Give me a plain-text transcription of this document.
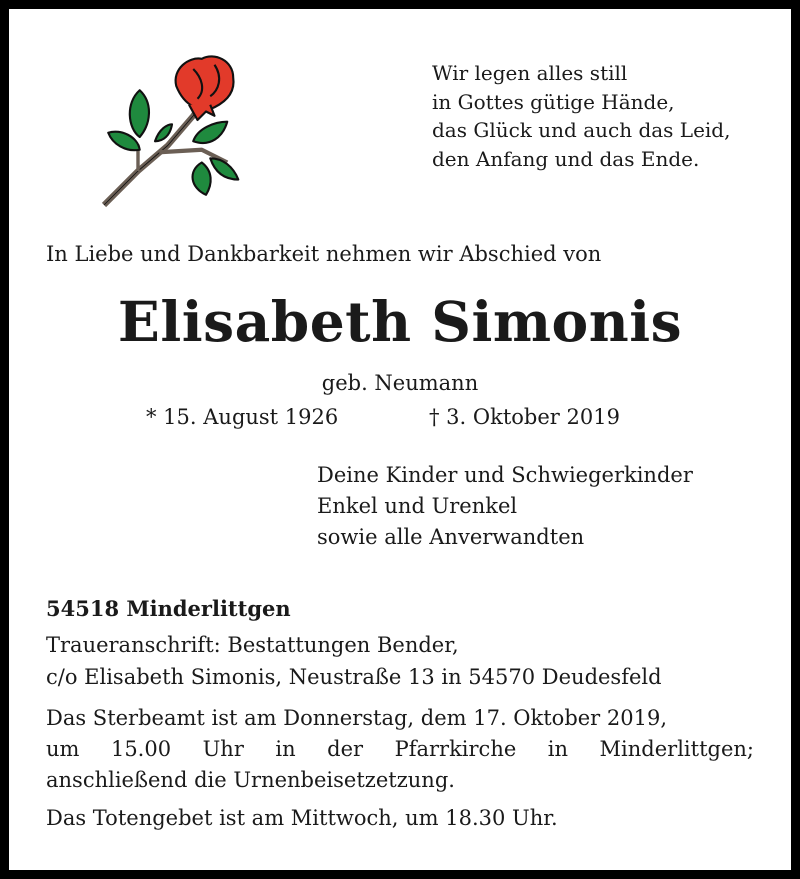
Wir legen alles still
in Gottes gütige Hände,
das Glück und auch das Leid,
den Anfang und das Ende.
In Liebe und Dankbarkeit nehmen wir Abschied von
Elisabeth Simonis
geb. Neumann
* 15. August 1926	† 3. Oktober 2019
Deine Kinder und Schwiegerkinder
Enkel und Urenkel
sowie alle Anverwandten
54518 Minderlittgen
Traueranschrift: Bestattungen Bender,
c/o Elisabeth Simonis, Neustraße 13 in 54570 Deudesfeld
Das Sterbeamt ist am Donnerstag, dem 17. Oktober 2019,
um 15.00 Uhr in der Pfarrkirche in Minderlittgen;
anschließend die Urnenbeisetzetzung.
Das Totengebet ist am Mittwoch, um 18.30 Uhr.
